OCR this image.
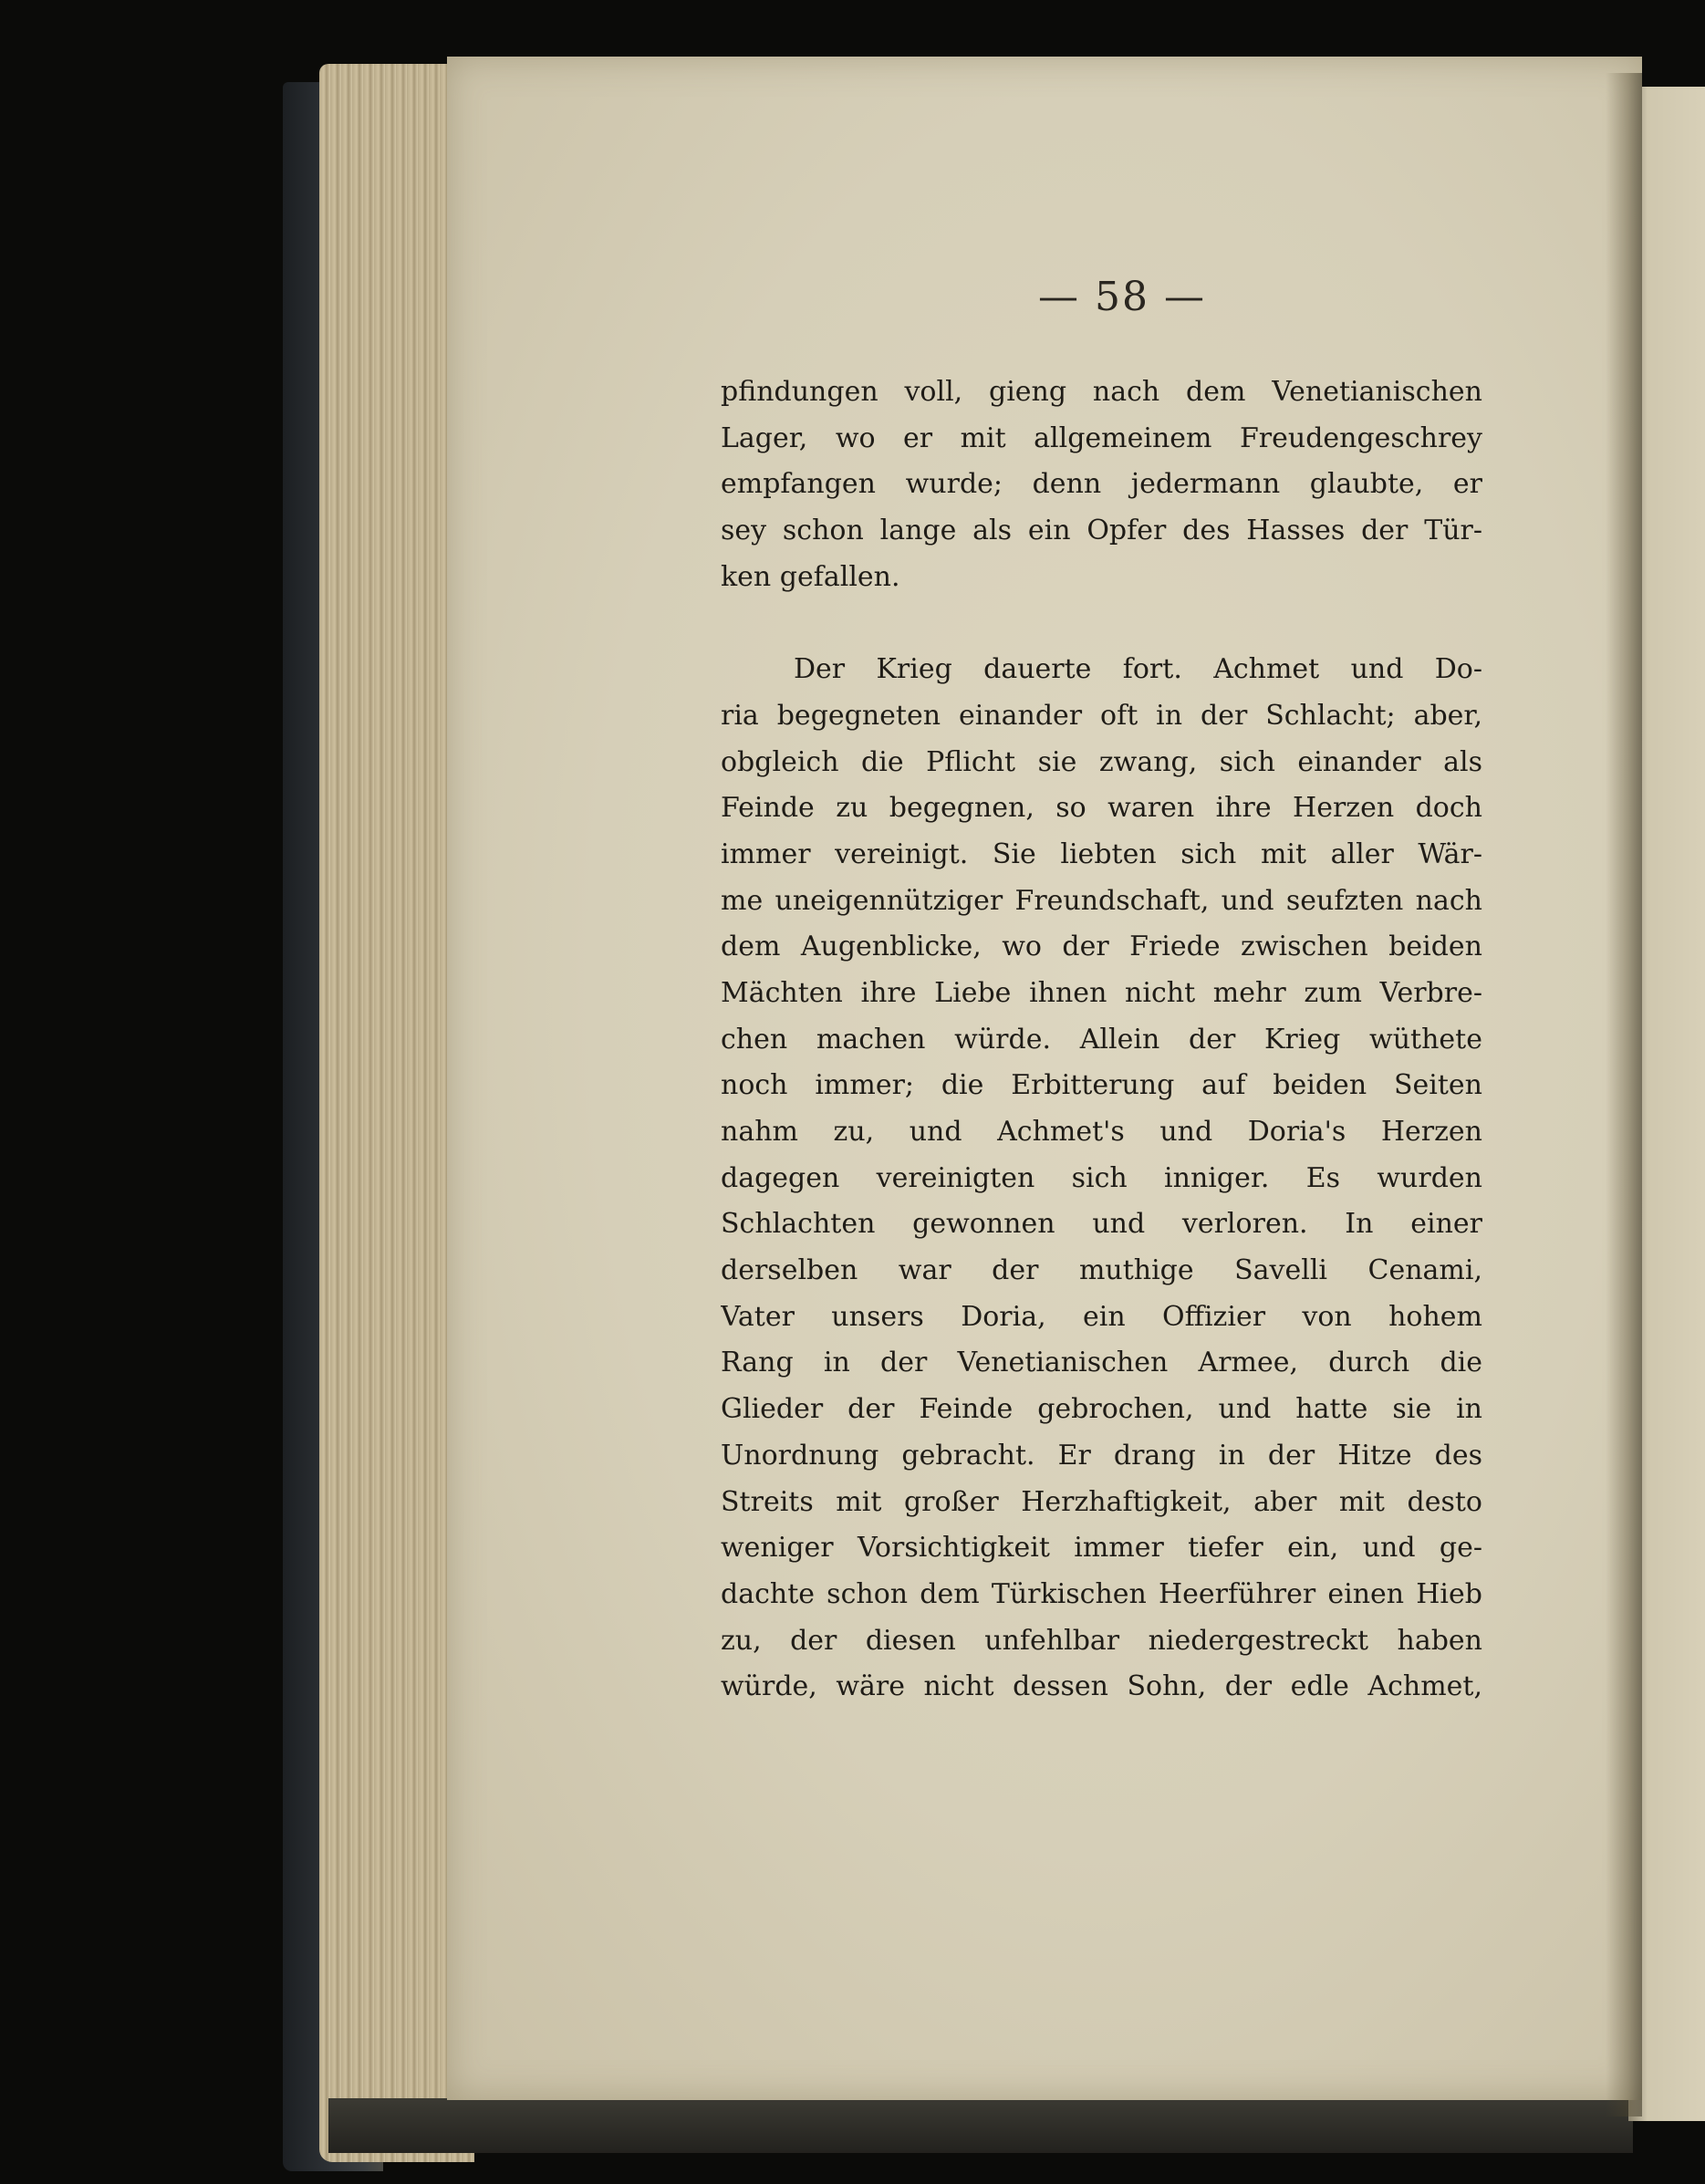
— 58 —
pfindungen voll, gieng nach dem Venetianischen
Lager, wo er mit allgemeinem Freudengeschrey
empfangen wurde; denn jedermann glaubte, er
sey schon lange als ein Opfer des Hasses der Tür-
ken gefallen.
Der Krieg dauerte fort. Achmet und Do-
ria begegneten einander oft in der Schlacht; aber,
obgleich die Pflicht sie zwang, sich einander als
Feinde zu begegnen, so waren ihre Herzen doch
immer vereinigt. Sie liebten sich mit aller Wär-
me uneigennütziger Freundschaft, und seufzten nach
dem Augenblicke, wo der Friede zwischen beiden
Mächten ihre Liebe ihnen nicht mehr zum Verbre-
chen machen würde. Allein der Krieg wüthete
noch immer; die Erbitterung auf beiden Seiten
nahm zu, und Achmet's und Doria's Herzen
dagegen vereinigten sich inniger. Es wurden
Schlachten gewonnen und verloren. In einer
derselben war der muthige Savelli Cenami,
Vater unsers Doria, ein Offizier von hohem
Rang in der Venetianischen Armee, durch die
Glieder der Feinde gebrochen, und hatte sie in
Unordnung gebracht. Er drang in der Hitze des
Streits mit großer Herzhaftigkeit, aber mit desto
weniger Vorsichtigkeit immer tiefer ein, und ge-
dachte schon dem Türkischen Heerführer einen Hieb
zu, der diesen unfehlbar niedergestreckt haben
würde, wäre nicht dessen Sohn, der edle Achmet,
